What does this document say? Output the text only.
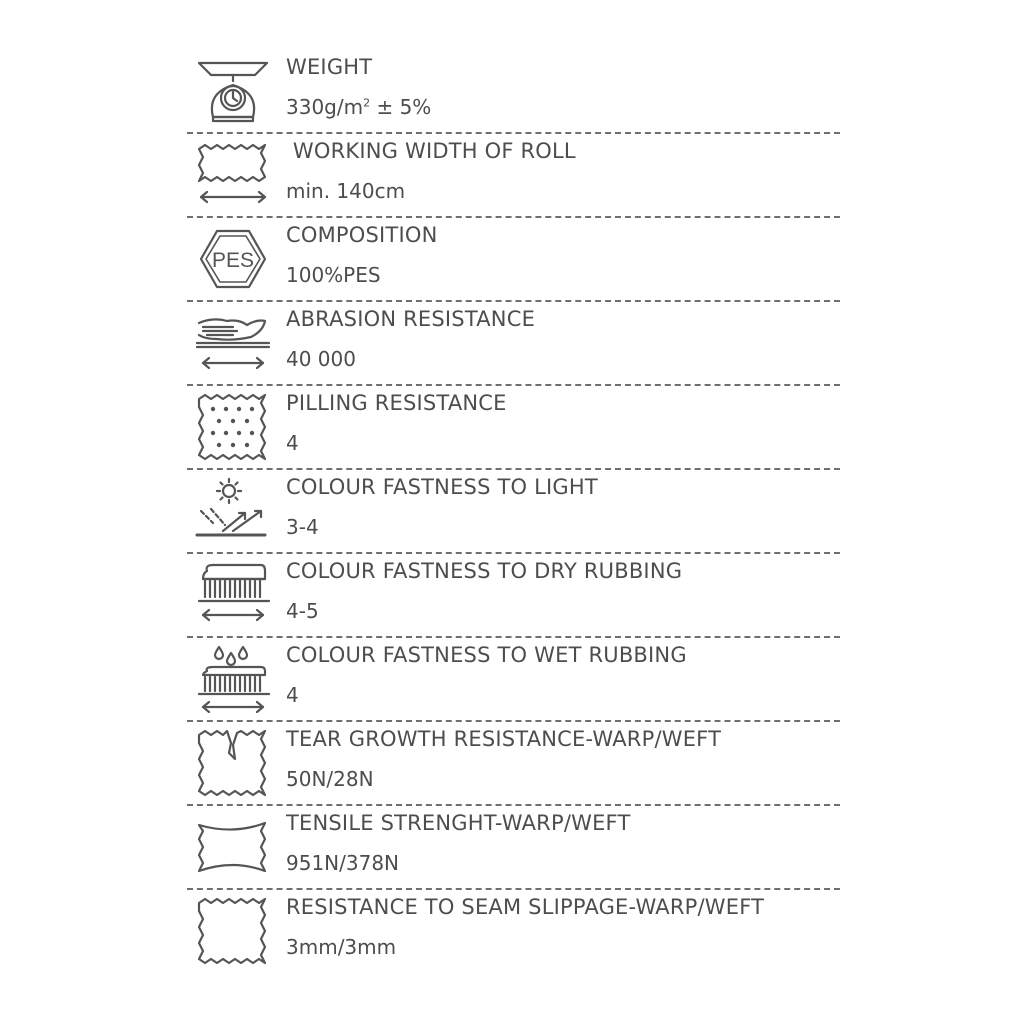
WEIGHT
$330g/m^2 \pm 5\%$
WORKING WIDTH OF ROLL
min. 140cm
PES
COMPOSITION
100%PES
ABRASION RESISTANCE
40 000
PILLING RESISTANCE
4
COLOUR FASTNESS TO LIGHT
3-4
COLOUR FASTNESS TO DRY RUBBING
4-5
COLOUR FASTNESS TO WET RUBBING
4
TEAR GROWTH RESISTANCE-WARP/WEFT
50N/28N
TENSILE STRENGHT-WARP/WEFT
951N/378N
RESISTANCE TO SEAM SLIPPAGE-WARP/WEFT
3mm/3mm
